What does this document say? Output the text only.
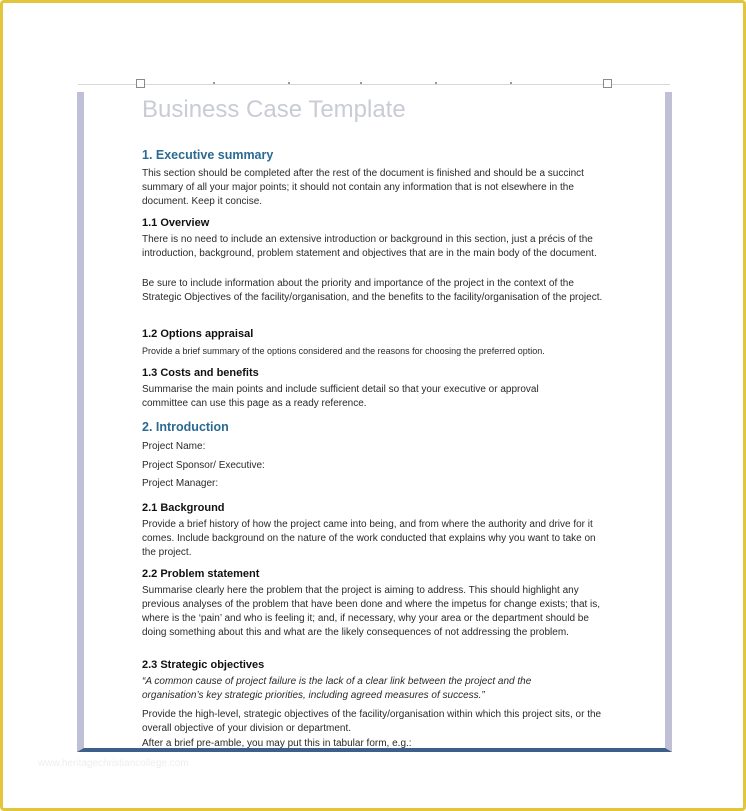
Business Case Template
1. Executive summary

This section should be completed after the rest of the document is finished and should be a succinct summary of all your major points; it should not contain any information that is not elsewhere in the document. Keep it concise.

1.1 Overview

There is no need to include an extensive introduction or background in this section, just a précis of the introduction, background, problem statement and objectives that are in the main body of the document.

Be sure to include information about the priority and importance of the project in the context of the Strategic Objectives of the facility/organisation, and the benefits to the facility/organisation of the project.

1.2 Options appraisal

Provide a brief summary of the options considered and the reasons for choosing the preferred option.

1.3 Costs and benefits

Summarise the main points and include sufficient detail so that your executive or approval committee can use this page as a ready reference.

2. Introduction

Project Name:

Project Sponsor/ Executive:

Project Manager:

2.1 Background

Provide a brief history of how the project came into being, and from where the authority and drive for it comes. Include background on the nature of the work conducted that explains why you want to take on the project.

2.2 Problem statement

Summarise clearly here the problem that the project is aiming to address. This should highlight any previous analyses of the problem that have been done and where the impetus for change exists; that is, where is the ‘pain’ and who is feeling it; and, if necessary, why your area or the department should be doing something about this and what are the likely consequences of not addressing the problem.

2.3 Strategic objectives

“A common cause of project failure is the lack of a clear link between the project and the organisation’s key strategic priorities, including agreed measures of success.”

Provide the high-level, strategic objectives of the facility/organisation within which this project sits, or the overall objective of your division or department.

After a brief pre-amble, you may put this in tabular form, e.g.:

www.heritagechristiancollege.com
